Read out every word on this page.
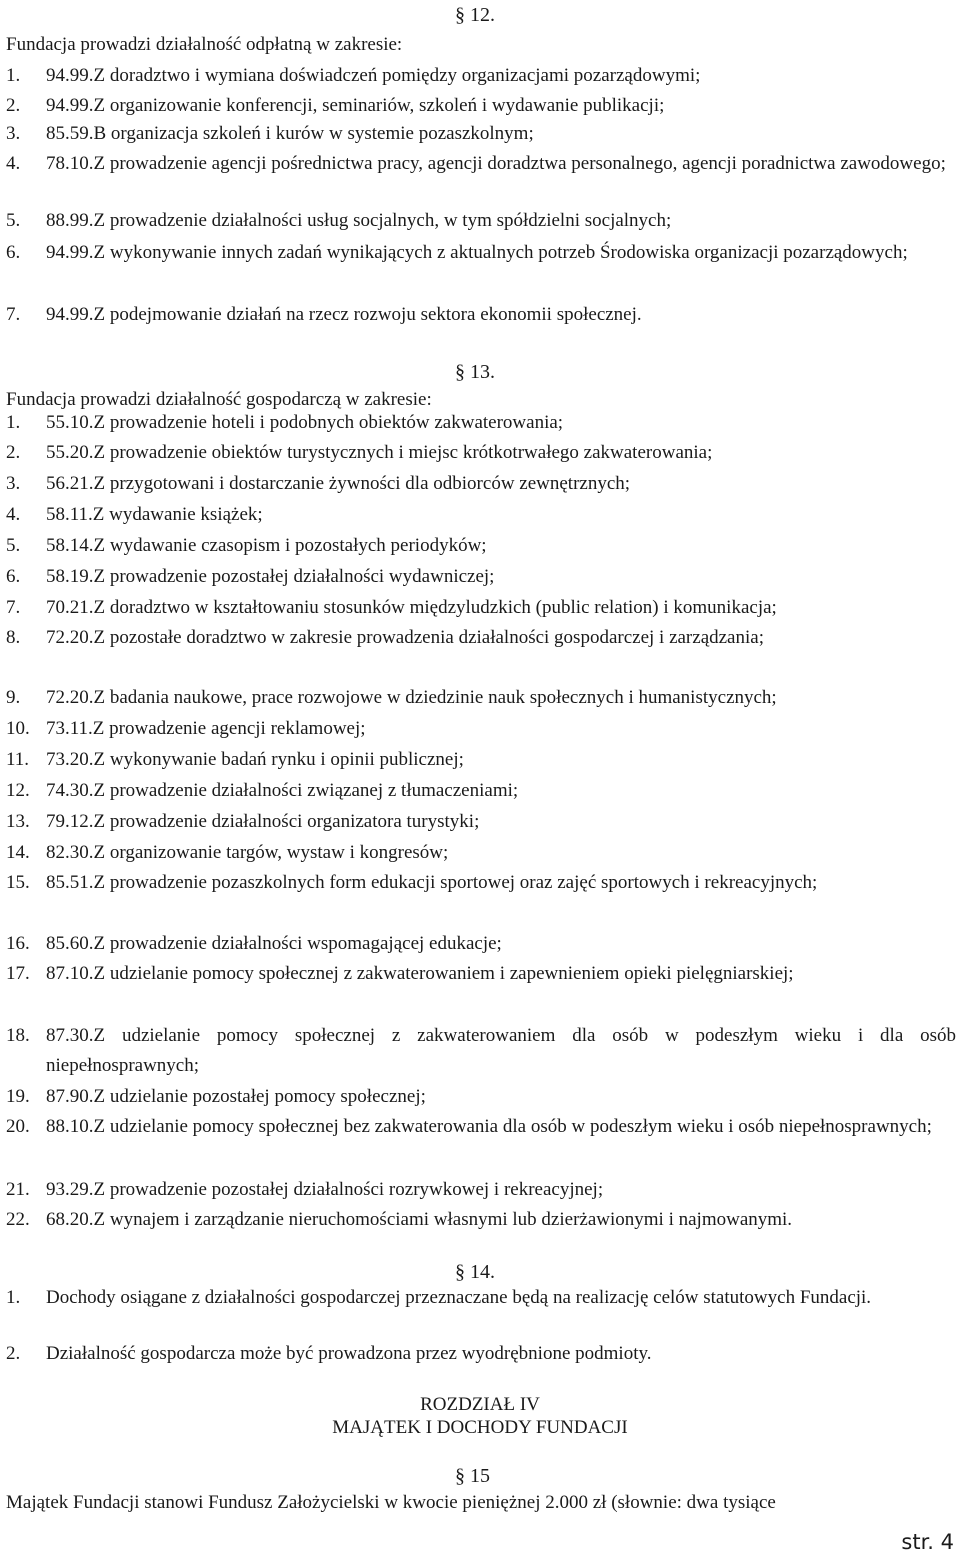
§ 12.
Fundacja prowadzi działalność odpłatną w zakresie:
1. 94.99.Z doradztwo i wymiana doświadczeń pomiędzy organizacjami pozarządowymi;
2. 94.99.Z organizowanie konferencji, seminariów, szkoleń i wydawanie publikacji;
3. 85.59.B organizacja szkoleń i kurów w systemie pozaszkolnym;
4. 78.10.Z prowadzenie agencji pośrednictwa pracy, agencji doradztwa personalnego, agencji poradnictwa zawodowego;
5. 88.99.Z prowadzenie działalności usług socjalnych, w tym spółdzielni socjalnych;
6. 94.99.Z wykonywanie innych zadań wynikających z aktualnych potrzeb Środowiska organizacji pozarządowych;
7. 94.99.Z podejmowanie działań na rzecz rozwoju sektora ekonomii społecznej.
§ 13.
Fundacja prowadzi działalność gospodarczą w zakresie:
1. 55.10.Z prowadzenie hoteli i podobnych obiektów zakwaterowania;
2. 55.20.Z prowadzenie obiektów turystycznych i miejsc krótkotrwałego zakwaterowania;
3. 56.21.Z przygotowani i dostarczanie żywności dla odbiorców zewnętrznych;
4. 58.11.Z wydawanie książek;
5. 58.14.Z wydawanie czasopism i pozostałych periodyków;
6. 58.19.Z prowadzenie pozostałej działalności wydawniczej;
7. 70.21.Z doradztwo w kształtowaniu stosunków międzyludzkich (public relation) i komunikacja;
8. 72.20.Z pozostałe doradztwo w zakresie prowadzenia działalności gospodarczej i zarządzania;
9. 72.20.Z badania naukowe, prace rozwojowe w dziedzinie nauk społecznych i humanistycznych;
10. 73.11.Z prowadzenie agencji reklamowej;
11. 73.20.Z wykonywanie badań rynku i opinii publicznej;
12. 74.30.Z prowadzenie działalności związanej z tłumaczeniami;
13. 79.12.Z prowadzenie działalności organizatora turystyki;
14. 82.30.Z organizowanie targów, wystaw i kongresów;
15. 85.51.Z prowadzenie pozaszkolnych form edukacji sportowej oraz zajęć sportowych i rekreacyjnych;
16. 85.60.Z prowadzenie działalności wspomagającej edukacje;
17. 87.10.Z udzielanie pomocy społecznej z zakwaterowaniem i zapewnieniem opieki pielęgniarskiej;
18. 87.30.Z udzielanie pomocy społecznej z zakwaterowaniem dla osób w podeszłym wieku i dla osób niepełnosprawnych;
19. 87.90.Z udzielanie pozostałej pomocy społecznej;
20. 88.10.Z udzielanie pomocy społecznej bez zakwaterowania dla osób w podeszłym wieku i osób niepełnosprawnych;
21. 93.29.Z prowadzenie pozostałej działalności rozrywkowej i rekreacyjnej;
22. 68.20.Z wynajem i zarządzanie nieruchomościami własnymi lub dzierżawionymi i najmowanymi.
§ 14.
1. Dochody osiągane z działalności gospodarczej przeznaczane będą na realizację celów statutowych Fundacji.
2. Działalność gospodarcza może być prowadzona przez wyodrębnione podmioty.
ROZDZIAŁ IV
MAJĄTEK I DOCHODY FUNDACJI
§ 15
Majątek Fundacji stanowi Fundusz Założycielski w kwocie pieniężnej 2.000 zł (słownie: dwa tysiące
str. 4
